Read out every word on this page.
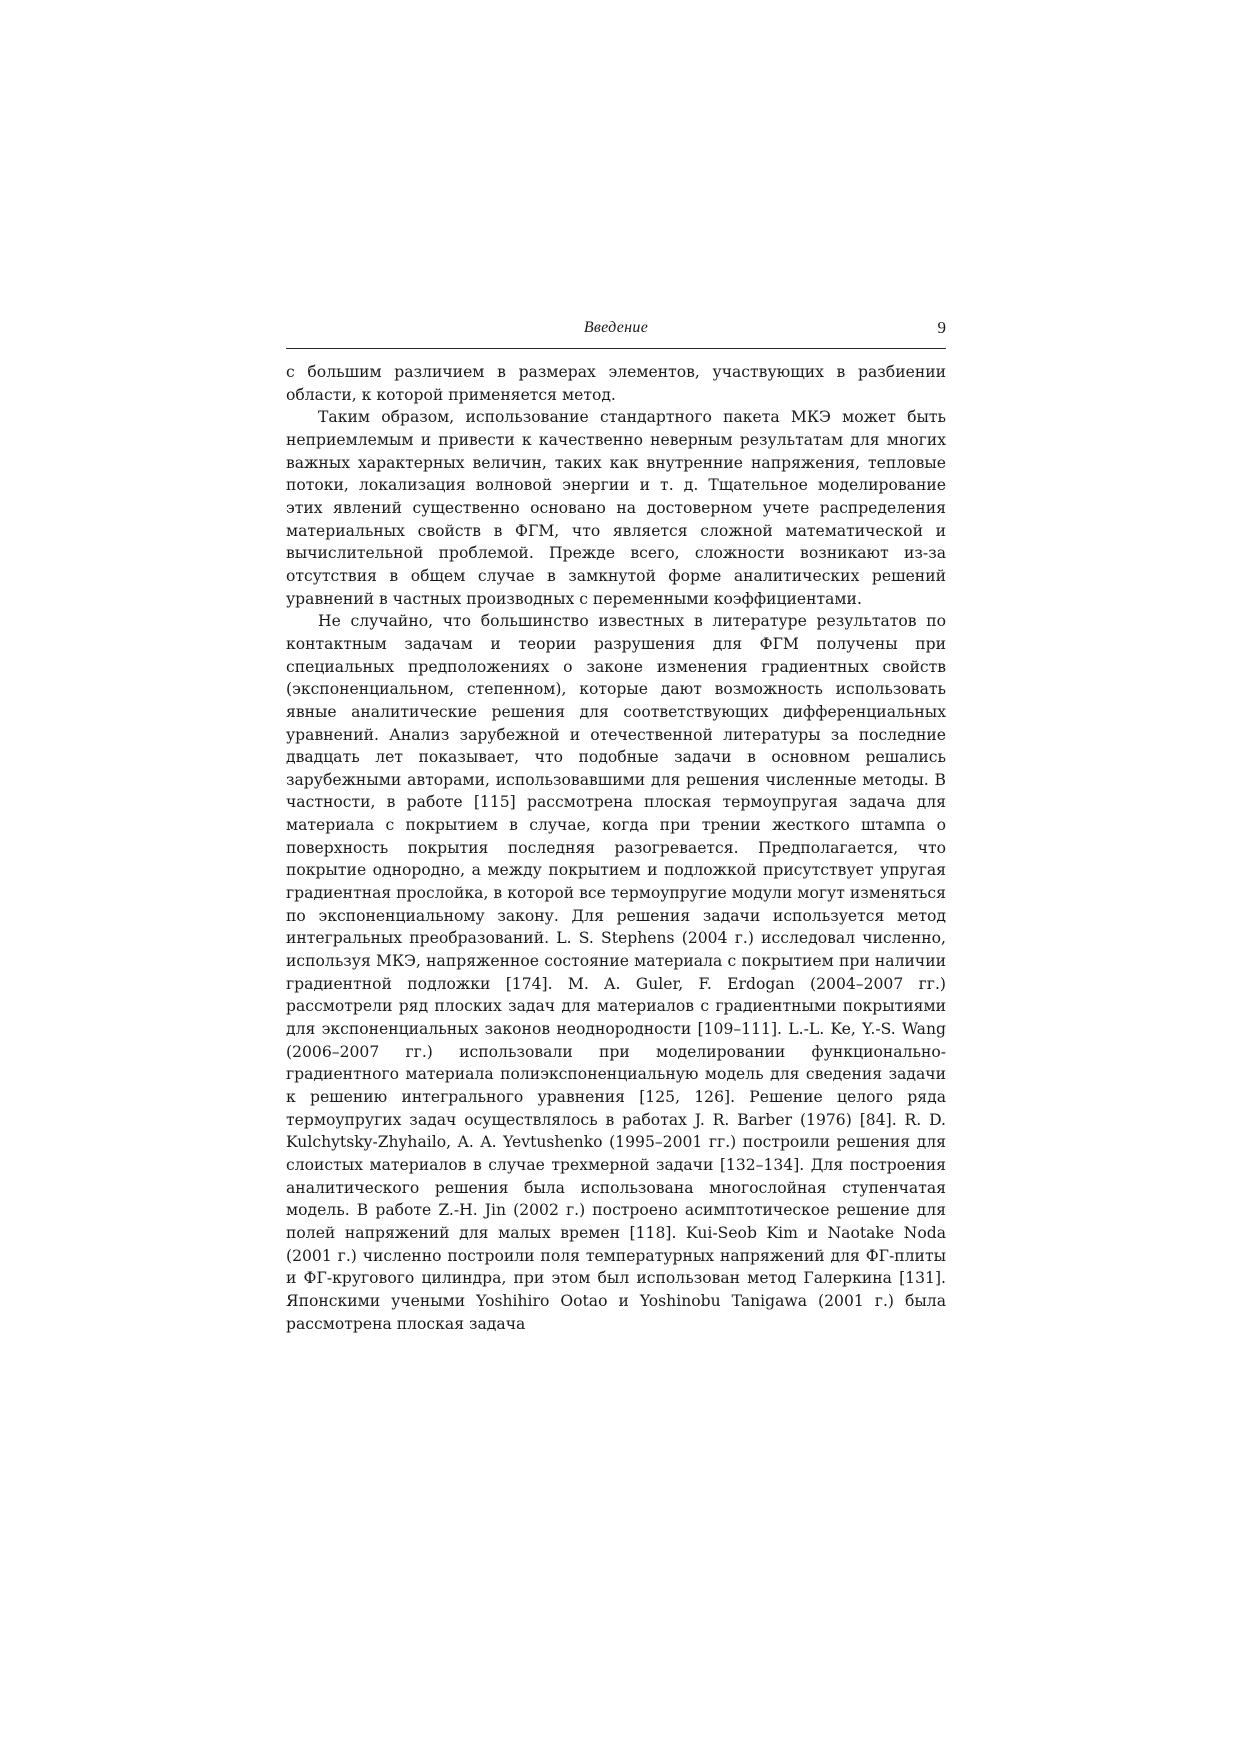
Введение	9

с большим различием в размерах элементов, участвующих в разбиении области, к которой применяется метод.

Таким образом, использование стандартного пакета МКЭ может быть неприемлемым и привести к качественно неверным результатам для многих важных характерных величин, таких как внутренние напряжения, тепловые потоки, локализация волновой энергии и т. д. Тщательное моделирование этих явлений существенно основано на достоверном учете распределения материальных свойств в ФГМ, что является сложной математической и вычислительной проблемой. Прежде всего, сложности возникают из-за отсутствия в общем случае в замкнутой форме аналитических решений уравнений в частных производных с переменными коэффициентами.

Не случайно, что большинство известных в литературе результатов по контактным задачам и теории разрушения для ФГМ получены при специальных предположениях о законе изменения градиентных свойств (экспоненциальном, степенном), которые дают возможность использовать явные аналитические решения для соответствующих дифференциальных уравнений. Анализ зарубежной и отечественной литературы за последние двадцать лет показывает, что подобные задачи в основном решались зарубежными авторами, использовавшими для решения численные методы. В частности, в работе [115] рассмотрена плоская термоупругая задача для материала с покрытием в случае, когда при трении жесткого штампа о поверхность покрытия последняя разогревается. Предполагается, что покрытие однородно, а между покрытием и подложкой присутствует упругая градиентная прослойка, в которой все термоупругие модули могут изменяться по экспоненциальному закону. Для решения задачи используется метод интегральных преобразований. L. S. Stephens (2004 г.) исследовал численно, используя МКЭ, напряженное состояние материала с покрытием при наличии градиентной подложки [174]. M. A. Guler, F. Erdogan (2004–2007 гг.) рассмотрели ряд плоских задач для материалов с градиентными покрытиями для экспоненциальных законов неоднородности [109–111]. L.-L. Ke, Y.-S. Wang (2006–2007 гг.) использовали при моделировании функционально-градиентного материала полиэкспоненциальную модель для сведения задачи к решению интегрального уравнения [125, 126]. Решение целого ряда термоупругих задач осуществлялось в работах J. R. Barber (1976) [84]. R. D. Kulchytsky-Zhyhailo, A. A. Yevtushenko (1995–2001 гг.) построили решения для слоистых материалов в случае трехмерной задачи [132–134]. Для построения аналитического решения была использована многослойная ступенчатая модель. В работе Z.-H. Jin (2002 г.) построено асимптотическое решение для полей напряжений для малых времен [118]. Kui-Seob Kim и Naotake Noda (2001 г.) численно построили поля температурных напряжений для ФГ-плиты и ФГ-кругового цилиндра, при этом был использован метод Галеркина [131]. Японскими учеными Yoshihiro Ootao и Yoshinobu Tanigawa (2001 г.) была рассмотрена плоская задача
